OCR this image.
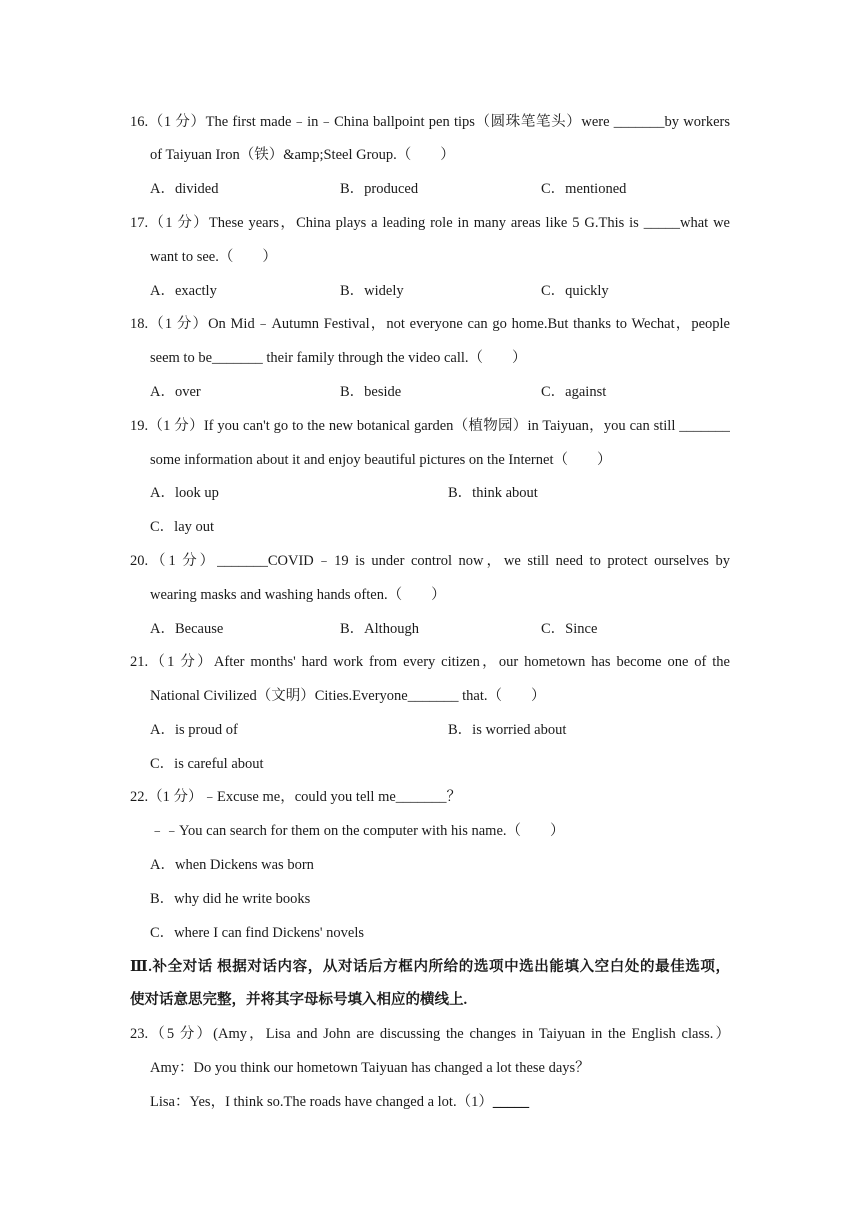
16.（1 分）The first made﹣in﹣China ballpoint pen tips（圆珠笔笔头）were _______by workers
of Taiyuan Iron（铁）&amp;Steel Group.（　　）
A．divided	B．produced	C．mentioned
17.（1 分）These years，China plays a leading role in many areas like 5 G.This is _____what we
want to see.（　　）
A．exactly	B．widely	C．quickly
18.（1 分）On Mid﹣Autumn Festival，not everyone can go home.But thanks to Wechat，people
seem to be_______ their family through the video call.（　　）
A．over	B．beside	C．against
19.（1 分）If you can't go to the new botanical garden（植物园）in Taiyuan，you can still _______
some information about it and enjoy beautiful pictures on the Internet（　　）
A．look up	B．think about
C．lay out
20.（1 分）_______COVID﹣19 is under control now，we still need to protect ourselves by
wearing masks and washing hands often.（　　）
A．Because	B．Although	C．Since
21.（1 分）After months' hard work from every citizen，our hometown has become one of the
National Civilized（文明）Cities.Everyone_______ that.（　　）
A．is proud of	B．is worried about
C．is careful about
22.（1 分）﹣Excuse me，could you tell me_______？
﹣﹣You can search for them on the computer with his name.（　　）
A．when Dickens was born
B．why did he write books
C．where I can find Dickens' novels
Ⅲ.补全对话 根据对话内容，从对话后方框内所给的选项中选出能填入空白处的最佳选项，
使对话意思完整，并将其字母标号填入相应的横线上.
23.（5 分）(Amy，Lisa and John are discussing the changes in Taiyuan in the English class.）
Amy：Do you think our hometown Taiyuan has changed a lot these days？
Lisa：Yes，I think so.The roads have changed a lot.（1）_____
